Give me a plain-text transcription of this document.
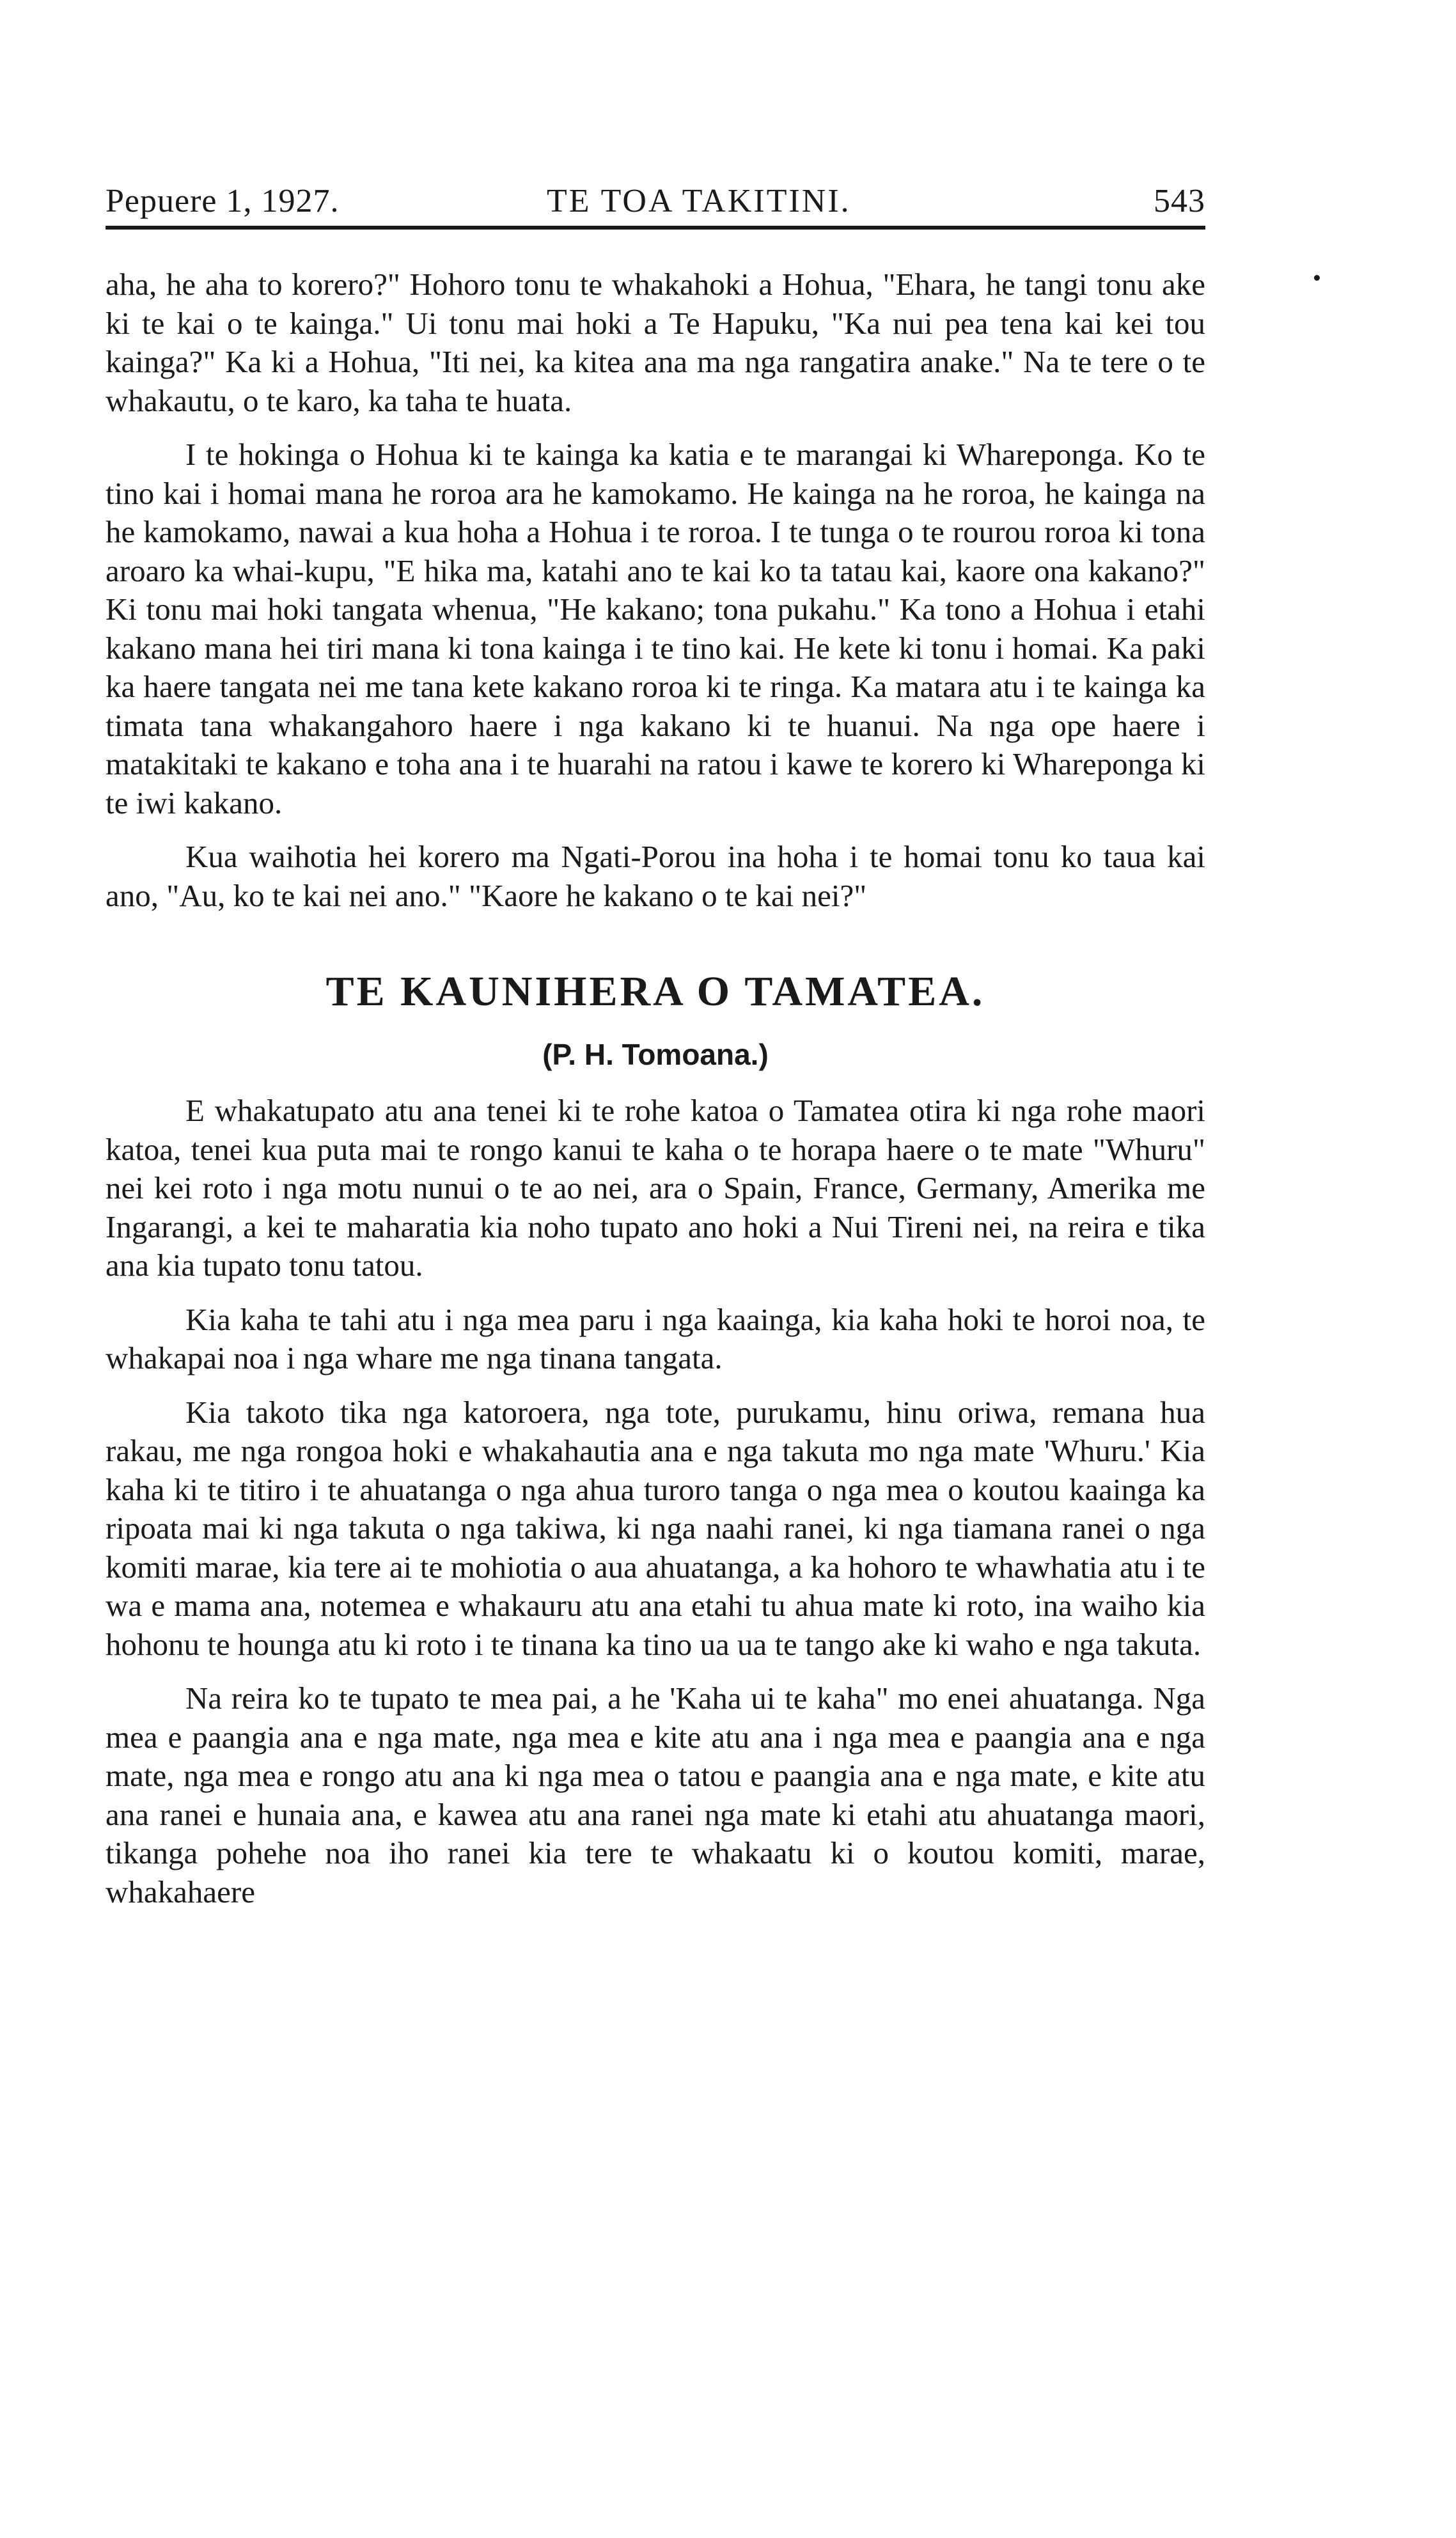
Pepuere 1, 1927.	TE TOA TAKITINI.	543

aha, he aha to korero?" Hohoro tonu te whakahoki a Hohua, "Ehara, he tangi tonu ake ki te kai o te kainga." Ui tonu mai hoki a Te Hapuku, "Ka nui pea tena kai kei tou kainga?" Ka ki a Hohua, "Iti nei, ka kitea ana ma nga rangatira anake." Na te tere o te whakautu, o te karo, ka taha te huata.

I te hokinga o Hohua ki te kainga ka katia e te marangai ki Whareponga. Ko te tino kai i homai mana he roroa ara he kamokamo. He kainga na he roroa, he kainga na he kamokamo, nawai a kua hoha a Hohua i te roroa. I te tunga o te rourou roroa ki tona aroaro ka whai-kupu, "E hika ma, katahi ano te kai ko ta tatau kai, kaore ona kakano?" Ki tonu mai hoki tangata whenua, "He kakano; tona pukahu." Ka tono a Hohua i etahi kakano mana hei tiri mana ki tona kainga i te tino kai. He kete ki tonu i homai. Ka paki ka haere tangata nei me tana kete kakano roroa ki te ringa. Ka matara atu i te kainga ka timata tana whakangahoro haere i nga kakano ki te huanui. Na nga ope haere i matakitaki te kakano e toha ana i te huarahi na ratou i kawe te korero ki Whareponga ki te iwi kakano.

Kua waihotia hei korero ma Ngati-Porou ina hoha i te homai tonu ko taua kai ano, "Au, ko te kai nei ano." "Kaore he kakano o te kai nei?"

TE KAUNIHERA O TAMATEA.
(P. H. Tomoana.)

E whakatupato atu ana tenei ki te rohe katoa o Tamatea otira ki nga rohe maori katoa, tenei kua puta mai te rongo kanui te kaha o te horapa haere o te mate "Whuru" nei kei roto i nga motu nunui o te ao nei, ara o Spain, France, Germany, Amerika me Ingarangi, a kei te maharatia kia noho tupato ano hoki a Nui Tireni nei, na reira e tika ana kia tupato tonu tatou.

Kia kaha te tahi atu i nga mea paru i nga kaainga, kia kaha hoki te horoi noa, te whakapai noa i nga whare me nga tinana tangata.

Kia takoto tika nga katoroera, nga tote, purukamu, hinu oriwa, remana hua rakau, me nga rongoa hoki e whakahautia ana e nga takuta mo nga mate 'Whuru.' Kia kaha ki te titiro i te ahuatanga o nga ahua turoro tanga o nga mea o koutou kaainga ka ripoata mai ki nga takuta o nga takiwa, ki nga naahi ranei, ki nga tiamana ranei o nga komiti marae, kia tere ai te mohiotia o aua ahuatanga, a ka hohoro te whawhatia atu i te wa e mama ana, notemea e whakauru atu ana etahi tu ahua mate ki roto, ina waiho kia hohonu te hounga atu ki roto i te tinana ka tino ua ua te tango ake ki waho e nga takuta.

Na reira ko te tupato te mea pai, a he 'Kaha ui te kaha" mo enei ahuatanga. Nga mea e paangia ana e nga mate, nga mea e kite atu ana i nga mea e paangia ana e nga mate, nga mea e rongo atu ana ki nga mea o tatou e paangia ana e nga mate, e kite atu ana ranei e hunaia ana, e kawea atu ana ranei nga mate ki etahi atu ahuatanga maori, tikanga pohehe noa iho ranei kia tere te whakaatu ki o koutou komiti, marae, whakahaere
